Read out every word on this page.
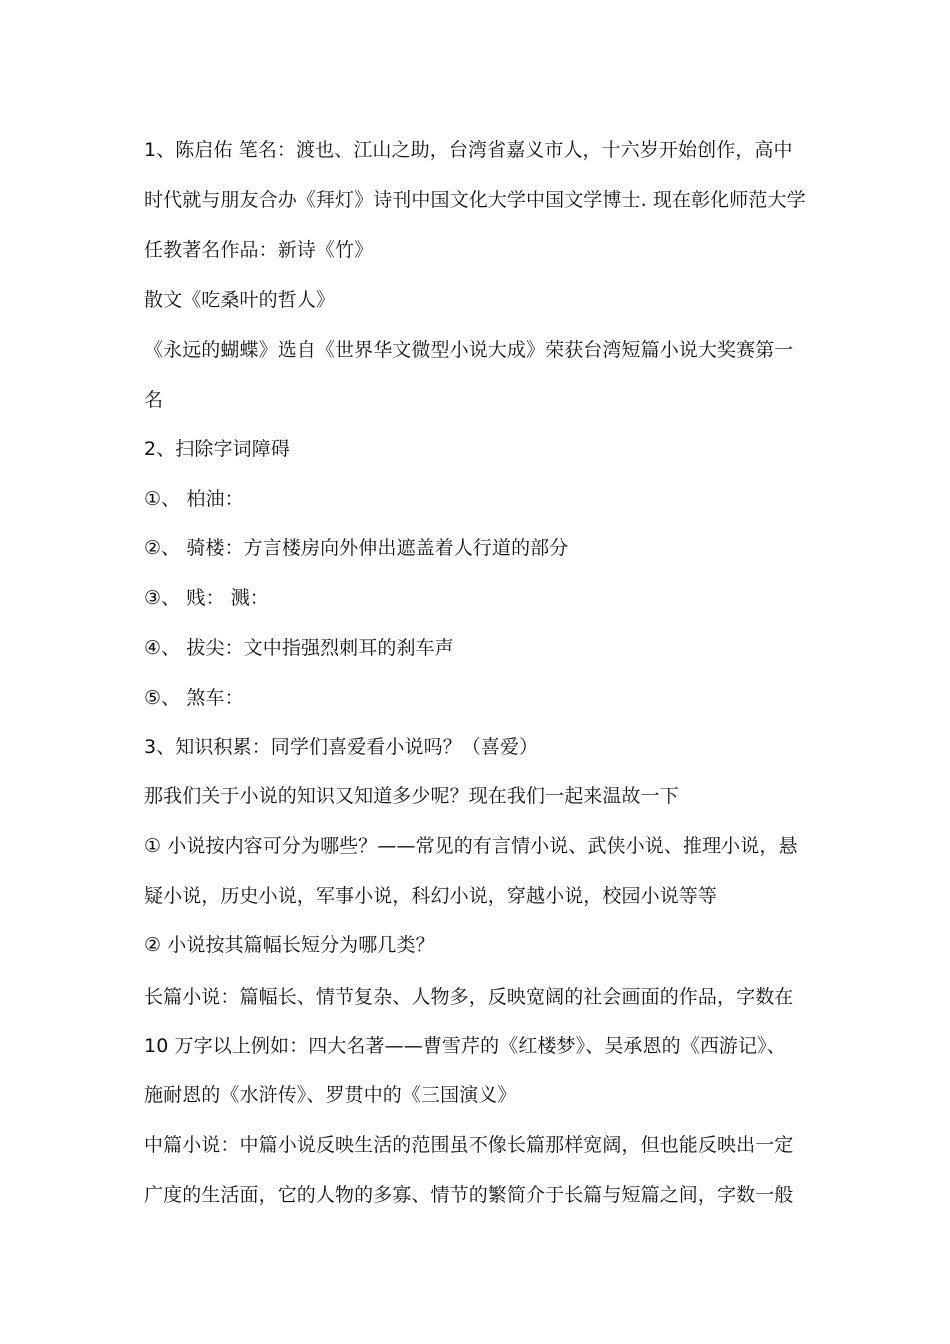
1、陈启佑 笔名：渡也、江山之助，台湾省嘉义市人，十六岁开始创作，高中
时代就与朋友合办《拜灯》诗刊中国文化大学中国文学博士. 现在彰化师范大学
任教著名作品：新诗《竹》
散文《吃桑叶的哲人》
《永远的蝴蝶》选自《世界华文微型小说大成》荣获台湾短篇小说大奖赛第一
名
2、扫除字词障碍
①、 柏油：
②、 骑楼：方言楼房向外伸出遮盖着人行道的部分
③、 贱： 溅：
④、 拔尖：文中指强烈刺耳的刹车声
⑤、 煞车：
3、知识积累：同学们喜爱看小说吗？（喜爱）
那我们关于小说的知识又知道多少呢？现在我们一起来温故一下
① 小说按内容可分为哪些？——常见的有言情小说、武侠小说、推理小说，悬
疑小说，历史小说，军事小说，科幻小说，穿越小说，校园小说等等
② 小说按其篇幅长短分为哪几类？
长篇小说：篇幅长、情节复杂、人物多，反映宽阔的社会画面的作品，字数在
10 万字以上例如：四大名著——曹雪芹的《红楼梦》、吴承恩的《西游记》、
施耐恩的《水浒传》、罗贯中的《三国演义》
中篇小说：中篇小说反映生活的范围虽不像长篇那样宽阔，但也能反映出一定
广度的生活面，它的人物的多寡、情节的繁简介于长篇与短篇之间，字数一般
